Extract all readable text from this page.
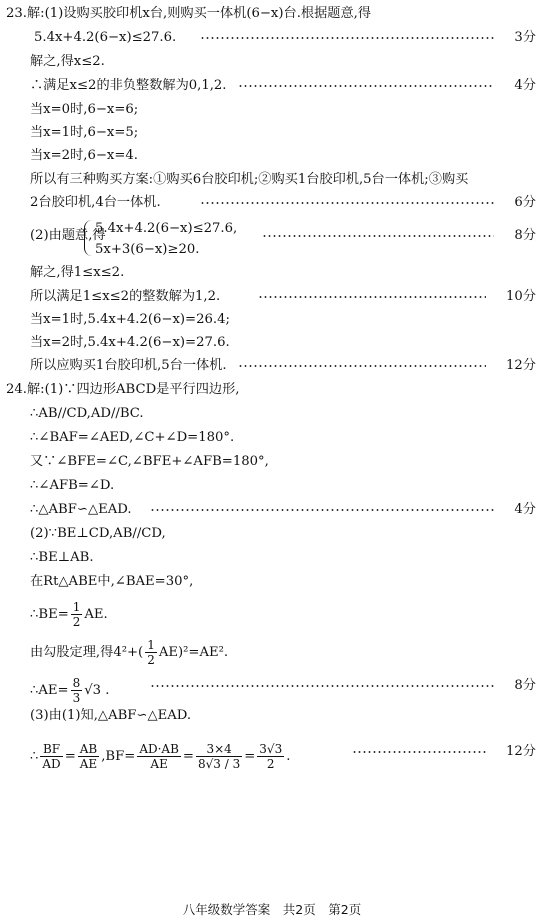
23.解:(1)设购买胶印机x台,则购买一体机(6−x)台.根据题意,得
5.4x+4.2(6−x)≤27.6.	3分
解之,得x≤2.
∴满足x≤2的非负整数解为0,1,2.	4分
当x=0时,6−x=6;
当x=1时,6−x=5;
当x=2时,6−x=4.
所以有三种购买方案:①购买6台胶印机;②购买1台胶印机,5台一体机;③购买
2台胶印机,4台一体机.	6分
(2)由题意,得
5.4x+4.2(6−x)≤27.6,	8分
5x+3(6−x)≥20.
解之,得1≤x≤2.
所以满足1≤x≤2的整数解为1,2.	10分
当x=1时,5.4x+4.2(6−x)=26.4;
当x=2时,5.4x+4.2(6−x)=27.6.
所以应购买1台胶印机,5台一体机.	12分
24.解:(1)∵四边形ABCD是平行四边形,
∴AB//CD,AD//BC.
∴∠BAF=∠AED,∠C+∠D=180°.
又∵∠BFE=∠C,∠BFE+∠AFB=180°,
∴∠AFB=∠D.
∴△ABF∽△EAD.	4分
(2)∵BE⊥CD,AB//CD,
∴BE⊥AB.
在Rt△ABE中,∠BAE=30°,
∴BE= $\frac{1}{2}$ AE.
由勾股定理,得$4^2+( \frac{1}{2} AE)^2=AE^2$.
∴AE= $\frac{8}{3} √3$ .	8分
(3)由(1)知,△ABF∽△EAD.
∴ $\frac{BF}{AD} = \frac{AB}{AE} ,BF= \frac{AD\cdot AB}{AE} = \frac{3\times 4}{8√3 / 3} = \frac{3√3}{2}$ .	12分
八年级数学答案　共2页　第2页
